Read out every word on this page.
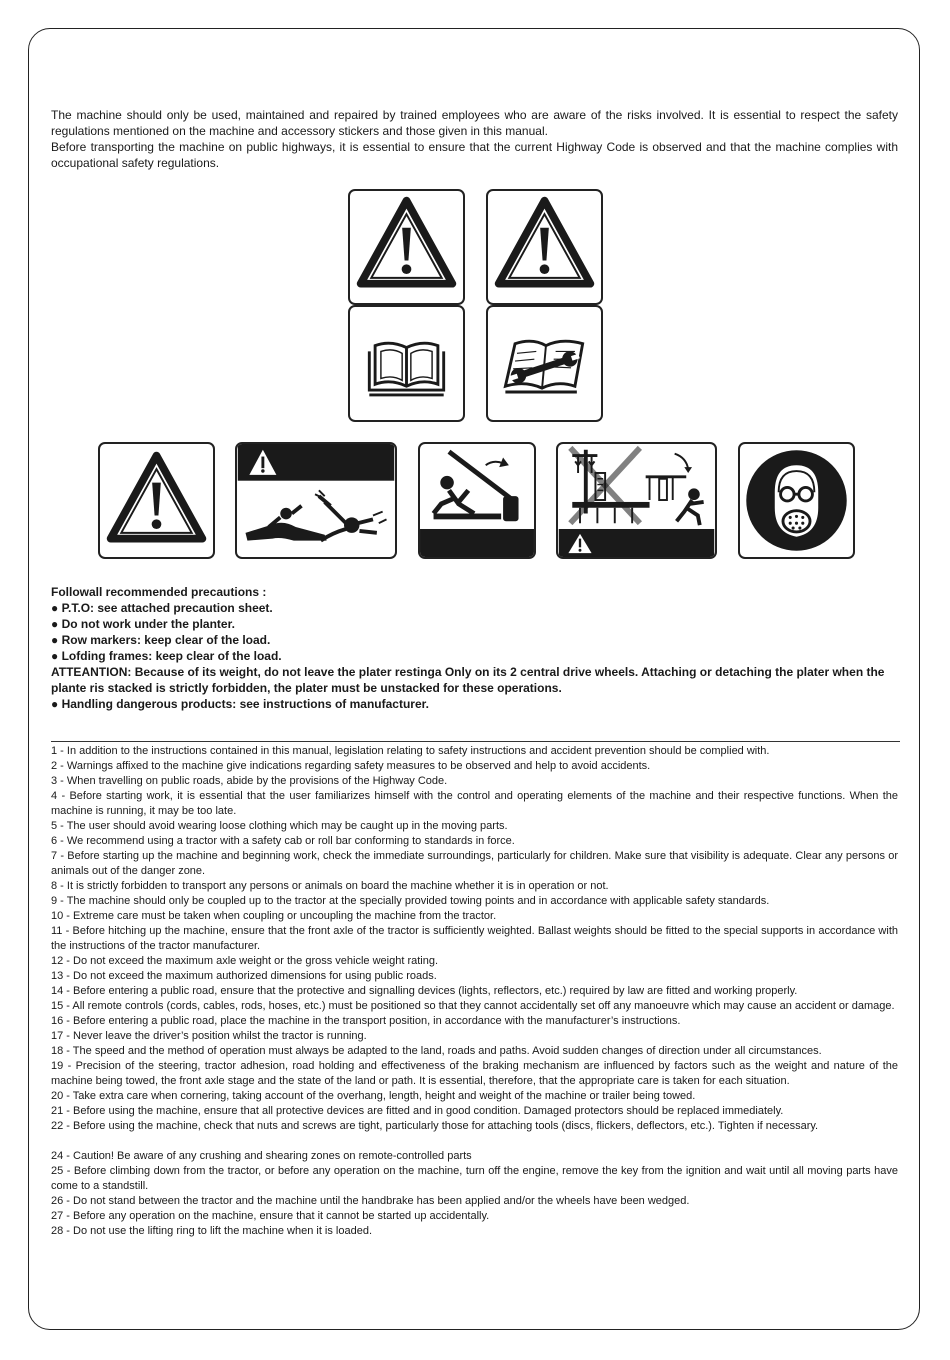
The machine should only be used, maintained and repaired by trained employees who are aware of the risks involved. It is essential to respect the safety regulations mentioned on the machine and accessory stickers and those given in this manual.

Before transporting the machine on public highways, it is essential to ensure that the current Highway Code is observed and that the machine complies with occupational safety regulations.

Followall recommended precautions :
● P.T.O: see attached precaution sheet.
● Do not work under the planter.
● Row markers: keep clear of the load.
● Lofding frames: keep clear of the load.
ATTEANTION: Because of its weight, do not leave the plater restinga Only on its 2 central drive wheels. Attaching or detaching the plater when the plante ris stacked is strictly forbidden, the plater must be unstacked for these operations.
● Handling dangerous products: see instructions of manufacturer.

1 - In addition to the instructions contained in this manual, legislation relating to safety instructions and accident prevention should be complied with.

2 - Warnings affixed to the machine give indications regarding safety measures to be observed and help to avoid accidents.

3 - When travelling on public roads, abide by the provisions of the Highway Code.

4 - Before starting work, it is essential that the user familiarizes himself with the control and operating elements of the machine and their respective functions. When the machine is running, it may be too late.

5 - The user should avoid wearing loose clothing which may be caught up in the moving parts.

6 - We recommend using a tractor with a safety cab or roll bar conforming to standards in force.

7 - Before starting up the machine and beginning work, check the immediate surroundings, particularly for children. Make sure that visibility is adequate. Clear any persons or animals out of the danger zone.

8 - It is strictly forbidden to transport any persons or animals on board the machine whether it is in operation or not.

9 - The machine should only be coupled up to the tractor at the specially provided towing points and in accordance with applicable safety standards.

10 - Extreme care must be taken when coupling or uncoupling the machine from the tractor.

11 - Before hitching up the machine, ensure that the front axle of the tractor is sufficiently weighted. Ballast weights should be fitted to the special supports in accordance with the instructions of the tractor manufacturer.

12 - Do not exceed the maximum axle weight or the gross vehicle weight rating.

13 - Do not exceed the maximum authorized dimensions for using public roads.

14 - Before entering a public road, ensure that the protective and signalling devices (lights, reflectors, etc.) required by law are fitted and working properly.

15 - All remote controls (cords, cables, rods, hoses, etc.) must be positioned so that they cannot accidentally set off any manoeuvre which may cause an accident or damage.

16 - Before entering a public road, place the machine in the transport position, in accordance with the manufacturer’s instructions.

17 - Never leave the driver’s position whilst the tractor is running.

18 - The speed and the method of operation must always be adapted to the land, roads and paths. Avoid sudden changes of direction under all circumstances.

19 - Precision of the steering, tractor adhesion, road holding and effectiveness of the braking mechanism are influenced by factors such as the weight and nature of the machine being towed, the front axle stage and the state of the land or path. It is essential, therefore, that the appropriate care is taken for each situation.

20 - Take extra care when cornering, taking account of the overhang, length, height and weight of the machine or trailer being towed.

21 - Before using the machine, ensure that all protective devices are fitted and in good condition. Damaged protectors should be replaced immediately.

22 - Before using the machine, check that nuts and screws are tight, particularly those for attaching tools (discs, flickers, deflectors, etc.). Tighten if necessary.

24 - Caution! Be aware of any crushing and shearing zones on remote-controlled parts

25 - Before climbing down from the tractor, or before any operation on the machine, turn off the engine, remove the key from the ignition and wait until all moving parts have come to a standstill.

26 - Do not stand between the tractor and the machine until the handbrake has been applied and/or the wheels have been wedged.

27 - Before any operation on the machine, ensure that it cannot be started up accidentally.

28 - Do not use the lifting ring to lift the machine when it is loaded.
